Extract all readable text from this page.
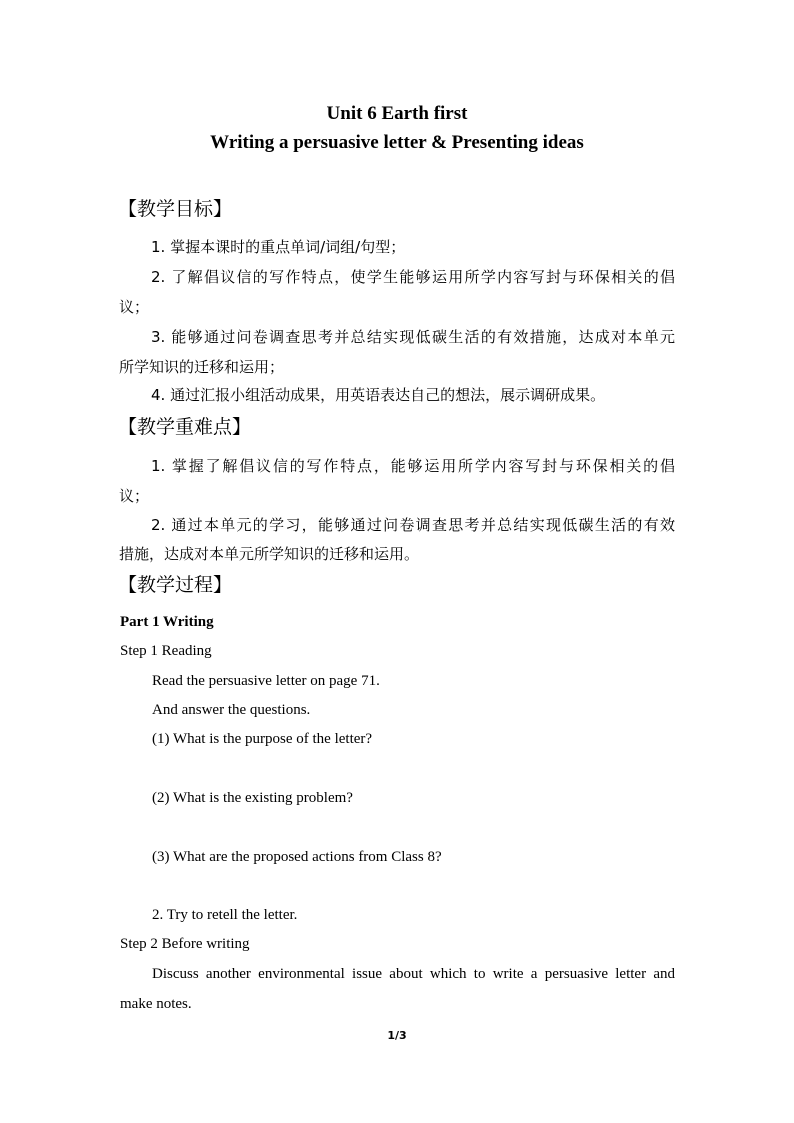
Unit 6 Earth first
Writing a persuasive letter & Presenting ideas
【教学目标】
1. 掌握本课时的重点单词/词组/句型；
2. 了解倡议信的写作特点，使学生能够运用所学内容写封与环保相关的倡
议；
3. 能够通过问卷调查思考并总结实现低碳生活的有效措施，达成对本单元
所学知识的迁移和运用；
4. 通过汇报小组活动成果，用英语表达自己的想法，展示调研成果。
【教学重难点】
1. 掌握了解倡议信的写作特点，能够运用所学内容写封与环保相关的倡
议；
2. 通过本单元的学习，能够通过问卷调查思考并总结实现低碳生活的有效
措施，达成对本单元所学知识的迁移和运用。
【教学过程】
Part 1 Writing
Step 1 Reading
Read the persuasive letter on page 71.
And answer the questions.
(1) What is the purpose of the letter?
(2) What is the existing problem?
(3) What are the proposed actions from Class 8?
2. Try to retell the letter.
Step 2 Before writing
Discuss another environmental issue about which to write a persuasive letter and
make notes.
1/3
